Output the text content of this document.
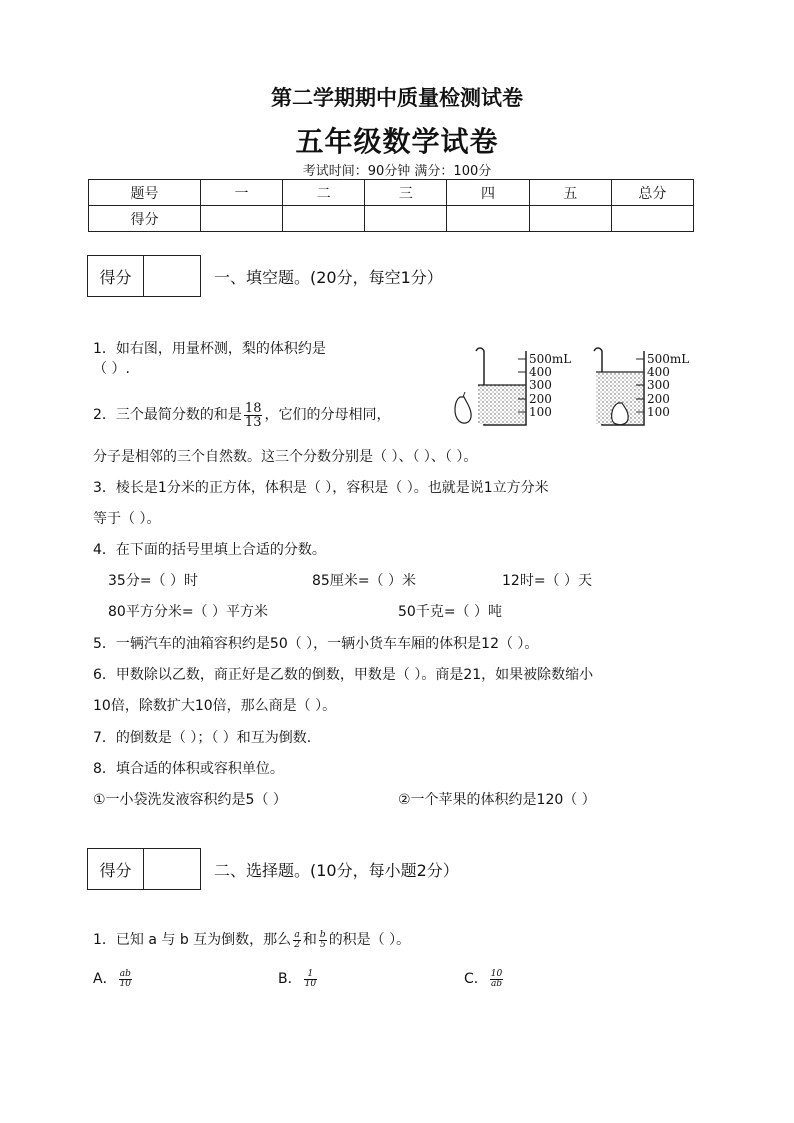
第二学期期中质量检测试卷
五年级数学试卷
考试时间：90分钟 满分：100分
题号	一	二	三	四	五	总分
得分						
得分	一、填空题。(20分，每空1分）
1．如右图，用量杯测，梨的体积约是
（ ）.
500mL
400
300
200
100
500mL
400
300
200
100
2．三个最简分数的和是 $\frac{18}{13}$ ，它们的分母相同，
分子是相邻的三个自然数。这三个分数分别是（ ）、（ ）、（ ）。
3．棱长是1分米的正方体，体积是（ ），容积是（ ）。也就是说1立方分米
等于（ ）。
4．在下面的括号里填上合适的分数。
35分=（ ）时	85厘米=（ ）米	12时=（ ）天
80平方分米=（ ）平方米	50千克=（ ）吨
5．一辆汽车的油箱容积约是50（ ），一辆小货车车厢的体积是12（ ）。
6．甲数除以乙数，商正好是乙数的倒数，甲数是（ ）。商是21，如果被除数缩小
10倍，除数扩大10倍，那么商是（ ）。
7．的倒数是（ ）；（ ）和互为倒数.
8．填合适的体积或容积单位。
①一小袋洗发液容积约是5（ ）	②一个苹果的体积约是120（ ）
得分	二、选择题。(10分，每小题2分）
1．已知 a 与 b 互为倒数，那么 $\frac{a}{2}$ 和 $\frac{b}{5}$ 的积是（ ）。
A． $\frac{ab}{10}$	B． $\frac{1}{10}$	C． $\frac{10}{ab}$
